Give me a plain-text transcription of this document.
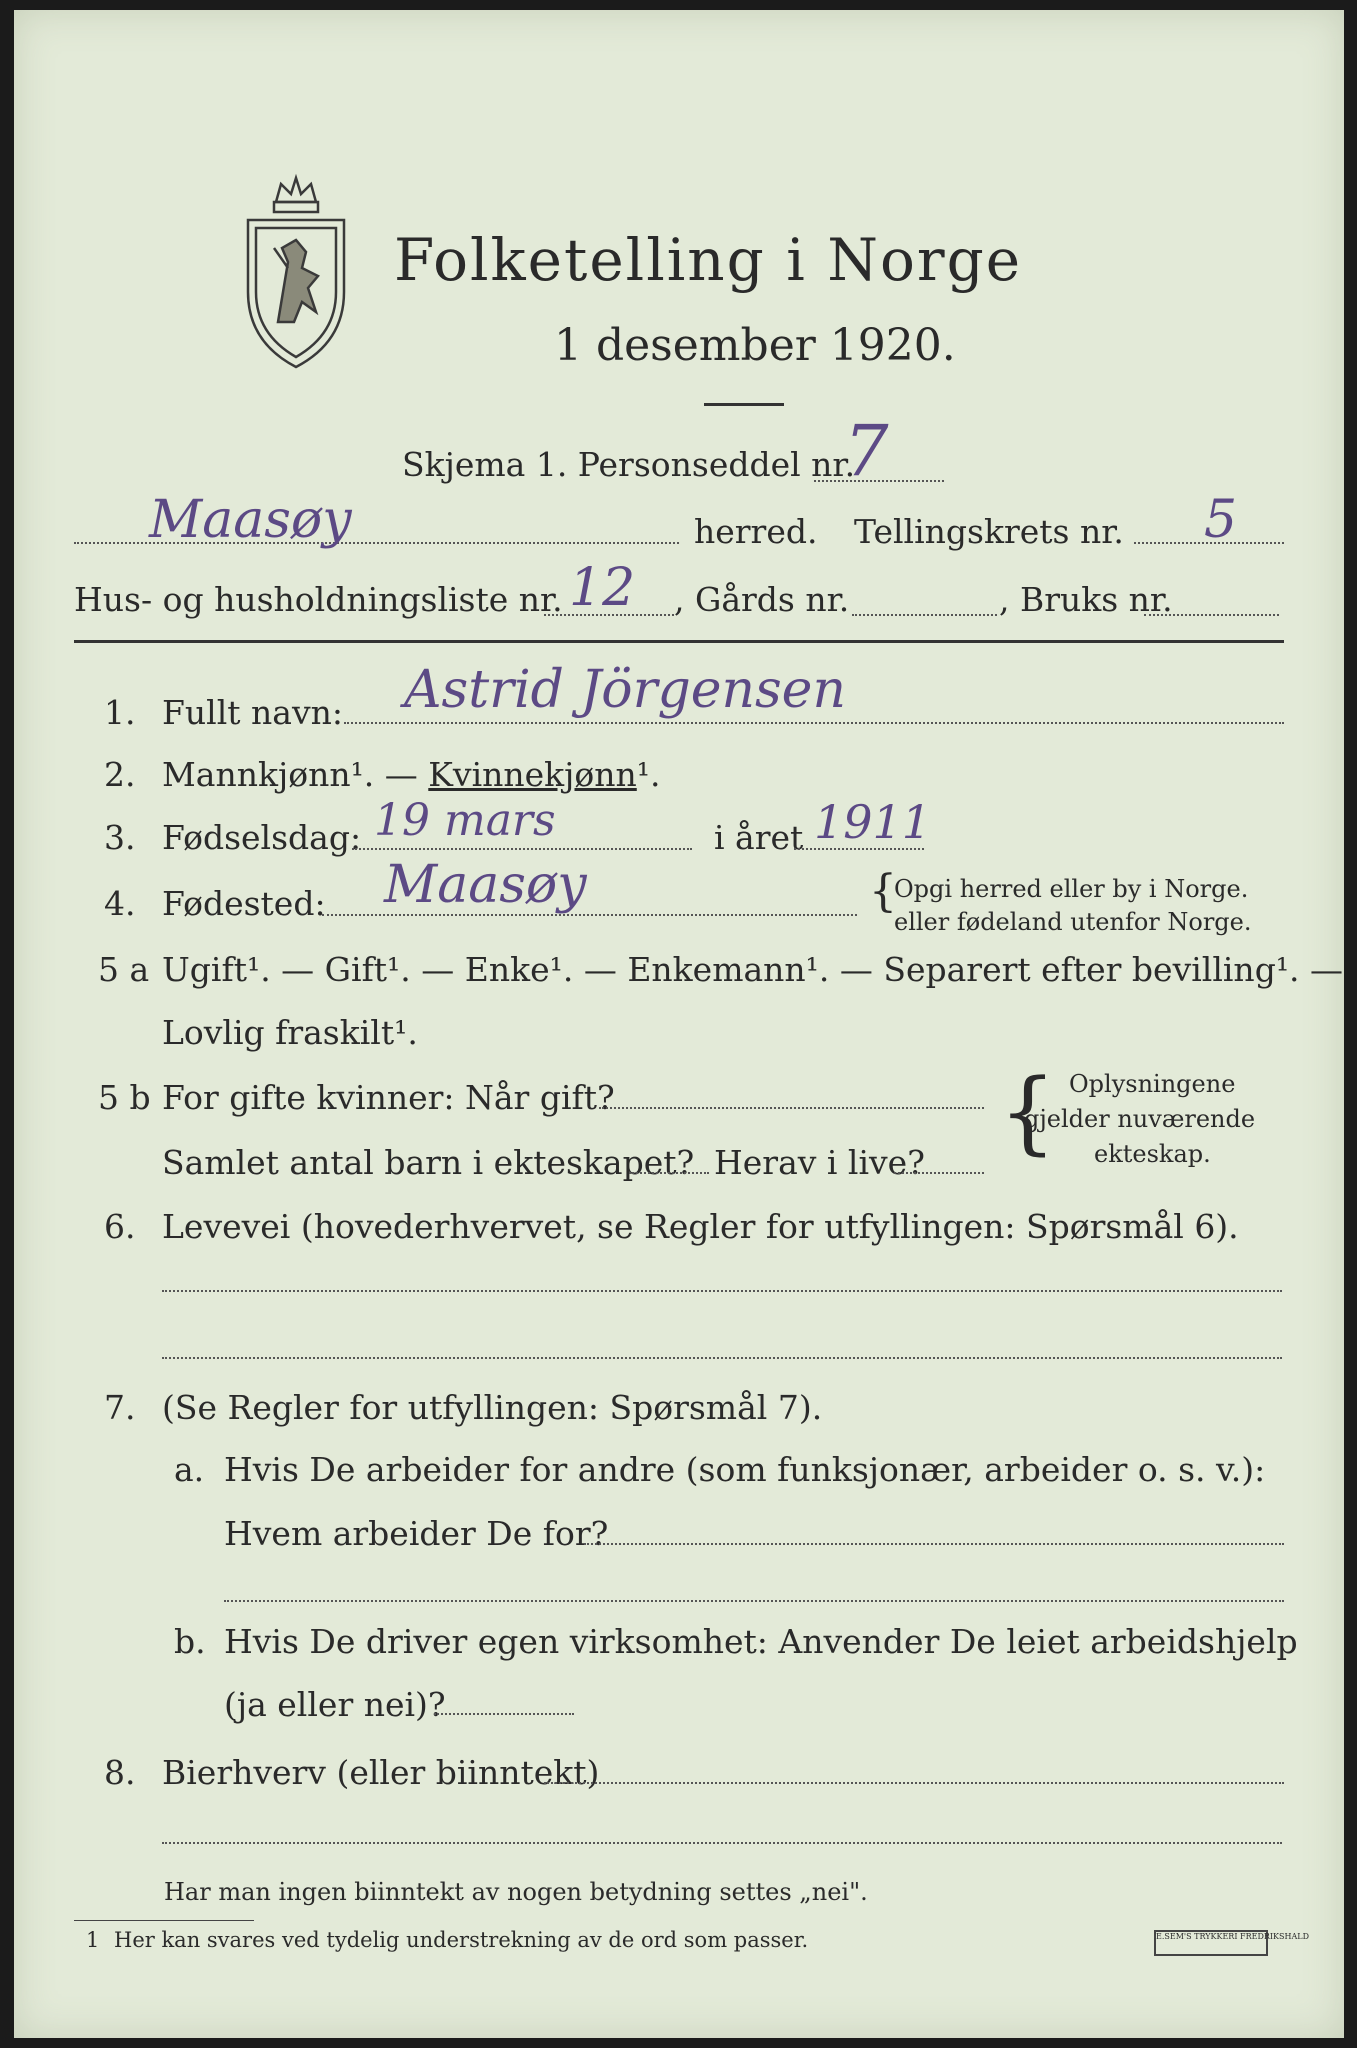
Folketelling i Norge
1 desember 1920.
Skjema 1. Personseddel nr.
7
Maasøy	herred. Tellingskrets nr. 5
Hus- og husholdningsliste nr. 12 , Gårds nr.	, Bruks nr.
1. Fullt navn: Astrid Jörgensen
2. Mannkjønn¹. — Kvinnekjønn¹.
3. Fødselsdag: 19 mars	i året 1911
4. Fødested: Maasøy	{
Opgi herred eller by i Norge.
eller fødeland utenfor Norge.
5 a Ugift¹. — Gift¹. — Enke¹. — Enkemann¹. — Separert efter bevilling¹. —
Lovlig fraskilt¹.
5 b For gifte kvinner: Når gift?
Samlet antal barn i ekteskapet? Herav i live? { Oplysningene
gjelder nuværende
ekteskap.
6. Levevei (hovederhvervet, se Regler for utfyllingen: Spørsmål 6).
7. (Se Regler for utfyllingen: Spørsmål 7).
a. Hvis De arbeider for andre (som funksjonær, arbeider o. s. v.):
Hvem arbeider De for?
b. Hvis De driver egen virksomhet: Anvender De leiet arbeidshjelp
(ja eller nei)?
8. Bierhverv (eller biinntekt)
Har man ingen biinntekt av nogen betydning settes „nei".
1 Her kan svares ved tydelig understrekning av de ord som passer.	E.SEM'S TRYKKERI FREDRIKSHALD
